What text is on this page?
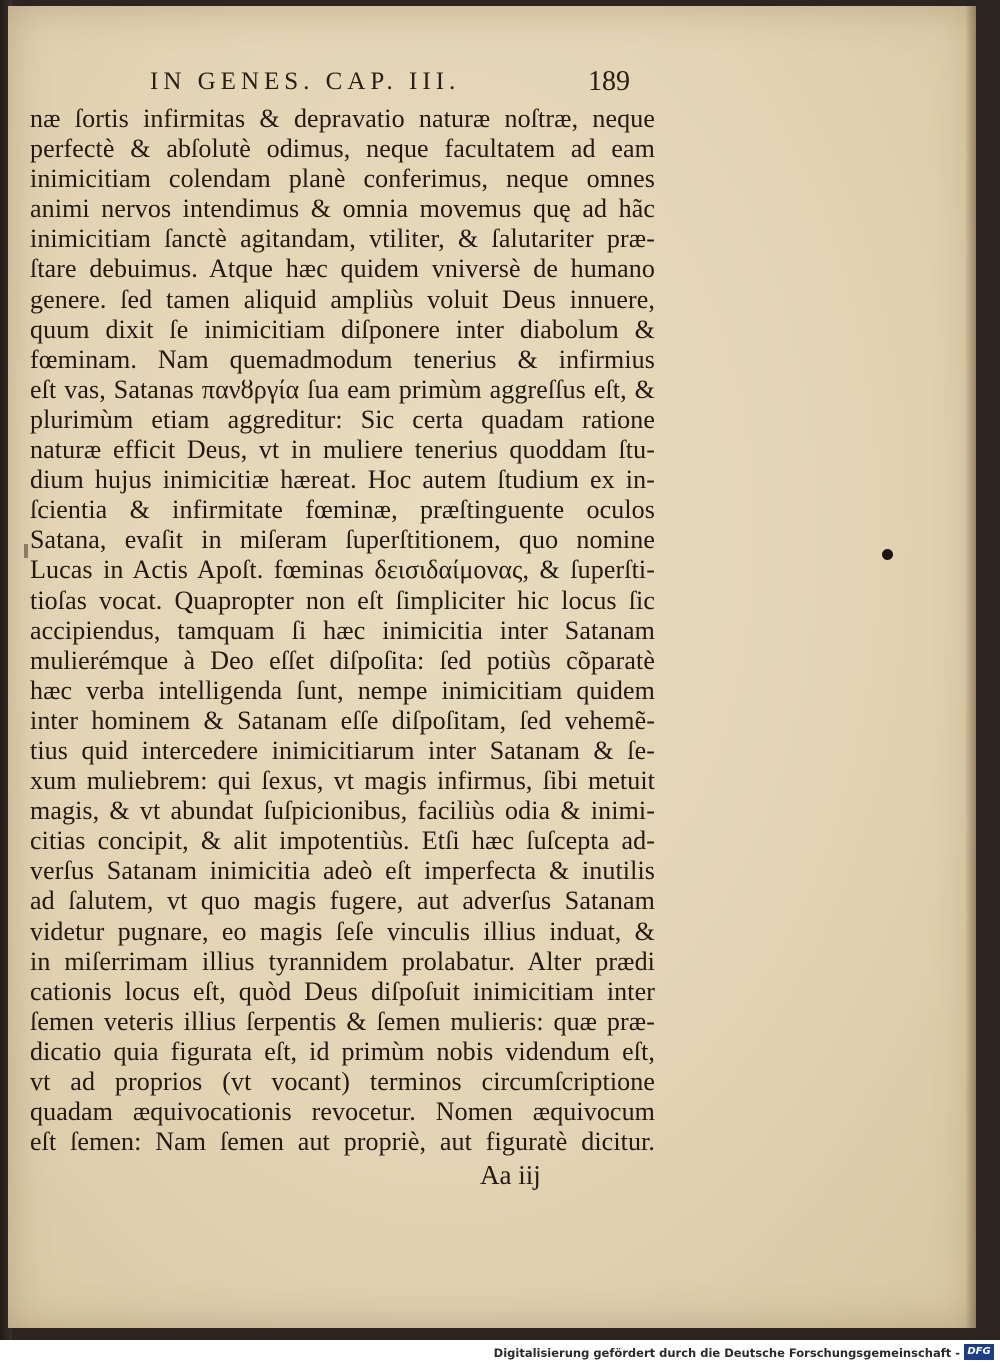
IN GENES. CAP. III.	189
næ ſortis infirmitas & depravatio naturæ noſtræ, neque
perfectè & abſolutè odimus, neque facultatem ad eam
inimicitiam colendam planè conferimus, neque omnes
animi nervos intendimus & omnia movemus quę ad hãc
inimicitiam ſanctè agitandam, vtiliter, & ſalutariter præ-
ſtare debuimus. Atque hæc quidem vniversè de humano
genere. ſed tamen aliquid ampliùs voluit Deus innuere,
quum dixit ſe inimicitiam diſponere inter diabolum &
fœminam. Nam quemadmodum tenerius & infirmius
eſt vas, Satanas πανȣργία ſua eam primùm aggreſſus eſt, &
plurimùm etiam aggreditur: Sic certa quadam ratione
naturæ efficit Deus, vt in muliere tenerius quoddam ſtu-
dium hujus inimicitiæ hæreat. Hoc autem ſtudium ex in-
ſcientia & infirmitate fœminæ, præſtinguente oculos
Satana, evaſit in miſeram ſuperſtitionem, quo nomine
Lucas in Actis Apoſt. fœminas δεισιδαίμονας, & ſuperſti-
tioſas vocat. Quapropter non eſt ſimpliciter hic locus ſic
accipiendus, tamquam ſi hæc inimicitia inter Satanam
mulierémque à Deo eſſet diſpoſita: ſed potiùs cõparatè
hæc verba intelligenda ſunt, nempe inimicitiam quidem
inter hominem & Satanam eſſe diſpoſitam, ſed vehemẽ-
tius quid intercedere inimicitiarum inter Satanam & ſe-
xum muliebrem: qui ſexus, vt magis infirmus, ſibi metuit
magis, & vt abundat ſuſpicionibus, faciliùs odia & inimi-
citias concipit, & alit impotentiùs. Etſi hæc ſuſcepta ad-
verſus Satanam inimicitia adeò eſt imperfecta & inutilis
ad ſalutem, vt quo magis fugere, aut adverſus Satanam
videtur pugnare, eo magis ſeſe vinculis illius induat, &
in miſerrimam illius tyrannidem prolabatur. Alter prædi
cationis locus eſt, quòd Deus diſpoſuit inimicitiam inter
ſemen veteris illius ſerpentis & ſemen mulieris: quæ præ-
dicatio quia figurata eſt, id primùm nobis videndum eſt,
vt ad proprios (vt vocant) terminos circumſcriptione
quadam æquivocationis revocetur. Nomen æquivocum
eſt ſemen: Nam ſemen aut propriè, aut figuratè dicitur.
Aa iij
Digitalisierung gefördert durch die Deutsche Forschungsgemeinschaft - DFG
